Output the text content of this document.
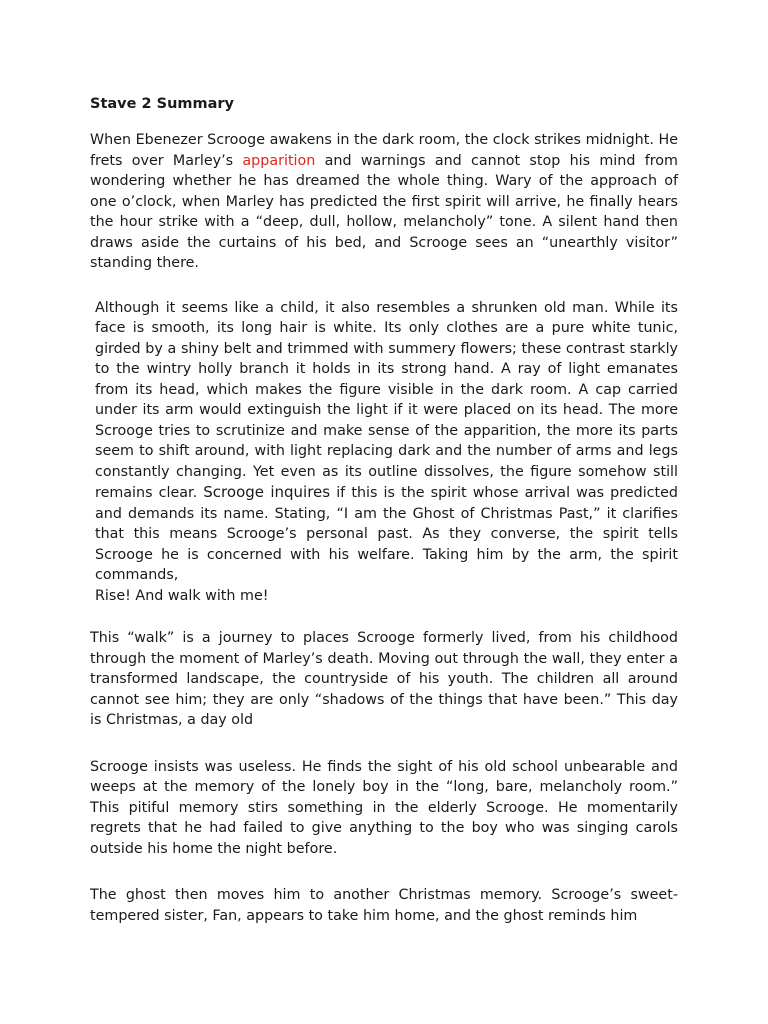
Stave 2 Summary

When Ebenezer Scrooge awakens in the dark room, the clock strikes midnight. He frets over Marley’s apparition and warnings and cannot stop his mind from wondering whether he has dreamed the whole thing. Wary of the approach of one o’clock, when Marley has predicted the first spirit will arrive, he finally hears the hour strike with a “deep, dull, hollow, melancholy” tone. A silent hand then draws aside the curtains of his bed, and Scrooge sees an “unearthly visitor” standing there.

Although it seems like a child, it also resembles a shrunken old man. While its face is smooth, its long hair is white. Its only clothes are a pure white tunic, girded by a shiny belt and trimmed with summery flowers; these contrast starkly to the wintry holly branch it holds in its strong hand. A ray of light emanates from its head, which makes the figure visible in the dark room. A cap carried under its arm would extinguish the light if it were placed on its head. The more Scrooge tries to scrutinize and make sense of the apparition, the more its parts seem to shift around, with light replacing dark and the number of arms and legs constantly changing. Yet even as its outline dissolves, the figure somehow still remains clear. Scrooge inquires if this is the spirit whose arrival was predicted and demands its name. Stating, “I am the Ghost of Christmas Past,” it clarifies that this means Scrooge’s personal past. As they converse, the spirit tells Scrooge he is concerned with his welfare. Taking him by the arm, the spirit commands,
Rise! And walk with me!

This “walk” is a journey to places Scrooge formerly lived, from his childhood through the moment of Marley’s death. Moving out through the wall, they enter a transformed landscape, the countryside of his youth. The children all around cannot see him; they are only “shadows of the things that have been.” This day is Christmas, a day old

Scrooge insists was useless. He finds the sight of his old school unbearable and weeps at the memory of the lonely boy in the “long, bare, melancholy room.” This pitiful memory stirs something in the elderly Scrooge. He momentarily regrets that he had failed to give anything to the boy who was singing carols outside his home the night before.

The ghost then moves him to another Christmas memory. Scrooge’s sweet-tempered sister, Fan, appears to take him home, and the ghost reminds him
